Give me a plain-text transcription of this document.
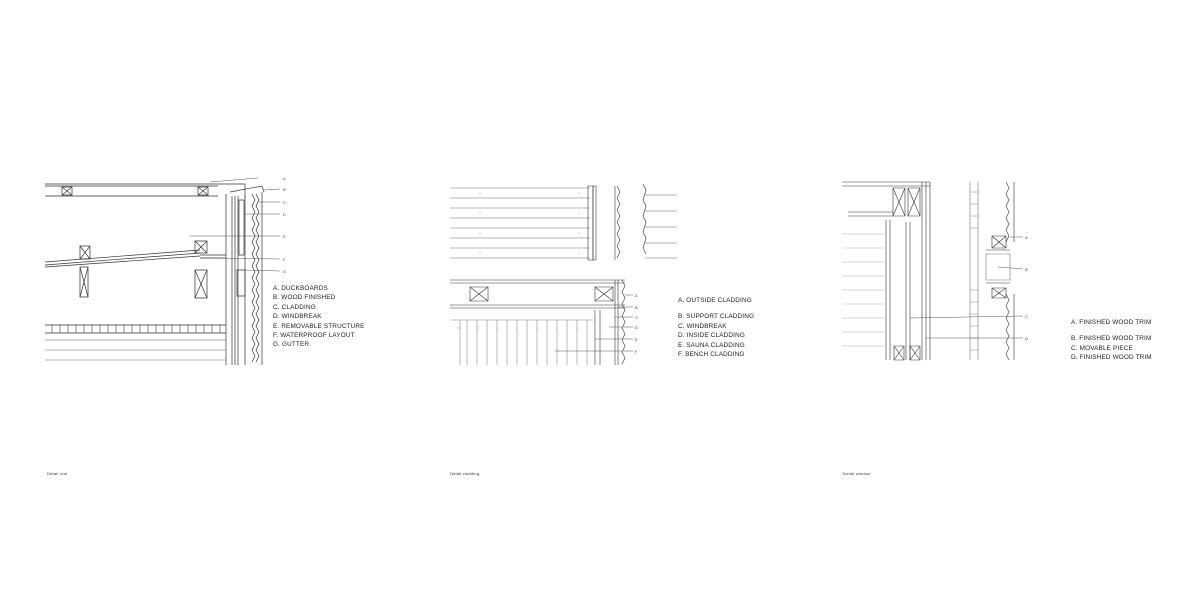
A
B
C
D
E
F
G
A. DUCKBOARDS
B. WOOD FINISHED
C. CLADDING
D. WINDBREAK
E. REMOVABLE STRUCTURE
F. WATERPROOF LAYOUT
G. GUTTER
A
B
C
D
E
F
A. OUTSIDE CLADDING
B. SUPPORT CLADDING
C. WINDBREAK
D. INSIDE CLADDING
E. SAUNA CLADDING
F. BENCH CLADDING
A
B
C
D
A. FINISHED WOOD TRIM
B. FINISHED WOOD TRIM
C. MOVABLE PIECE
D. FINISHED WOOD TRIM
Detail roof	Detail cladding	Detail window
